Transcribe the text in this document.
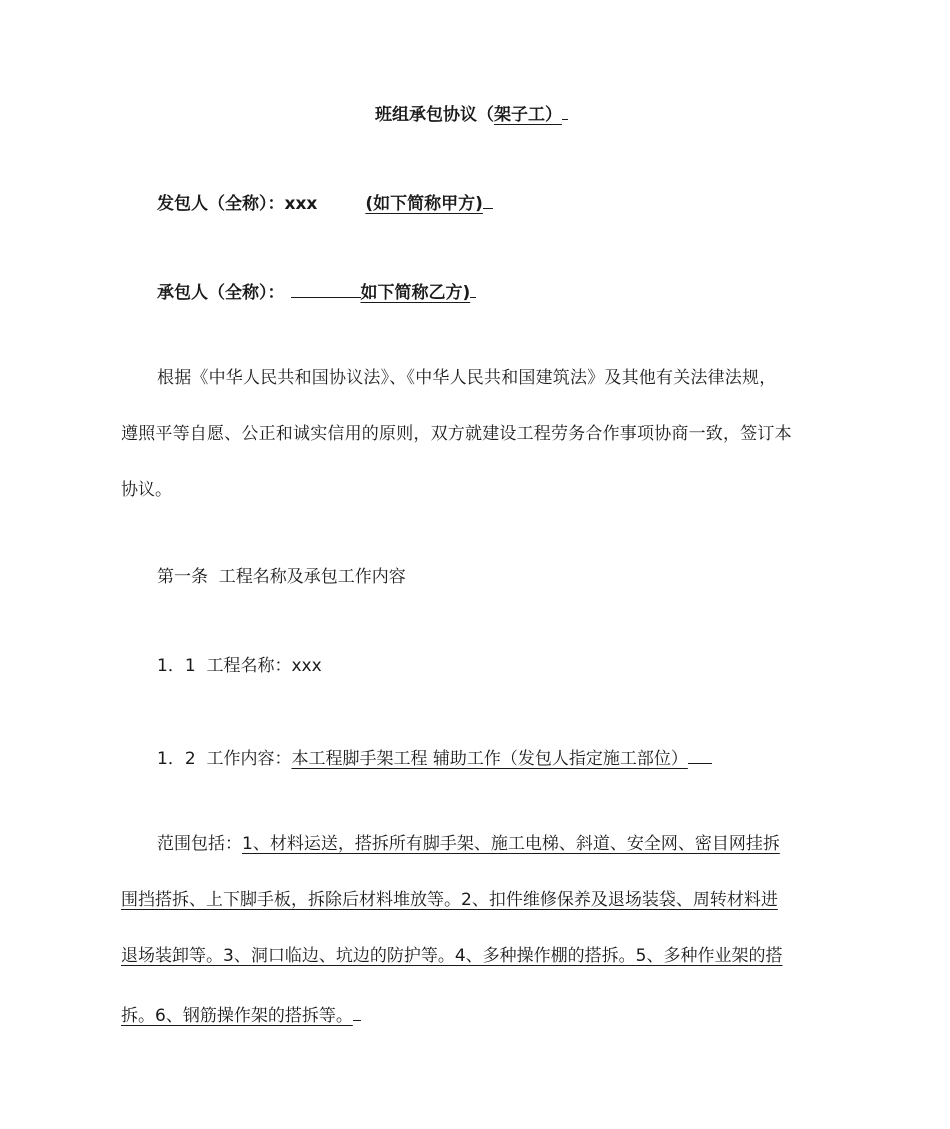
班组承包协议（架子工）
发包人（全称）：xxx	(如下简称甲方)
承包人（全称）：	如下简称乙方)
根据《中华人民共和国协议法》、《中华人民共和国建筑法》及其他有关法律法规，
遵照平等自愿、公正和诚实信用的原则，双方就建设工程劳务合作事项协商一致，签订本
协议。
第一条  工程名称及承包工作内容
1．1  工程名称：xxx
1．2  工作内容：本工程脚手架工程 辅助工作（发包人指定施工部位）
范围包括：1、材料运送，搭拆所有脚手架、施工电梯、斜道、安全网、密目网挂拆
围挡搭拆、上下脚手板，拆除后材料堆放等。2、扣件维修保养及退场装袋、周转材料进
退场装卸等。3、洞口临边、坑边的防护等。4、多种操作棚的搭拆。5、多种作业架的搭
拆。6、钢筋操作架的搭拆等。
